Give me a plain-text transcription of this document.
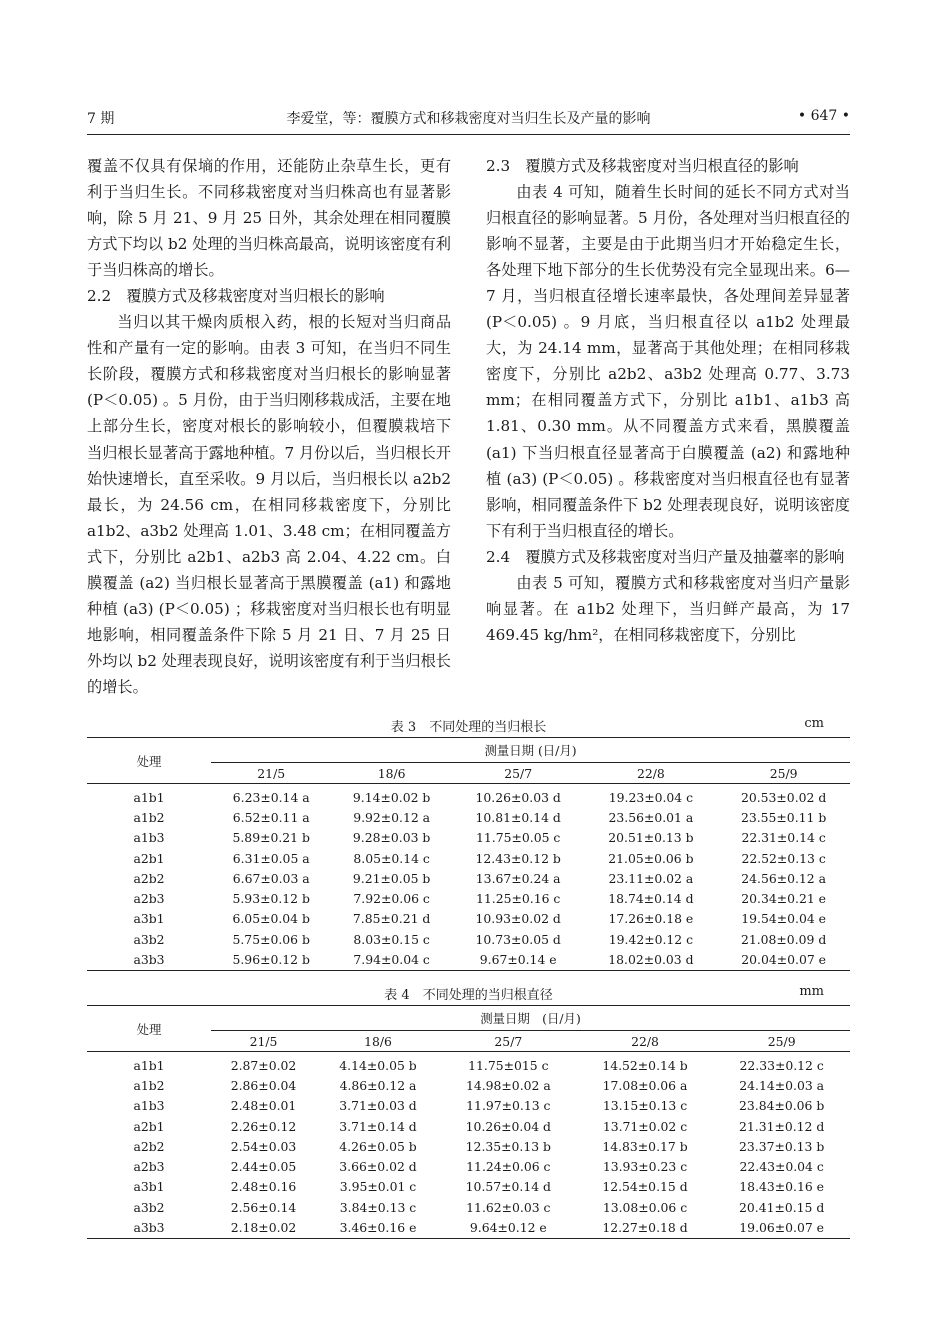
7 期	李爱堂，等：覆膜方式和移栽密度对当归生长及产量的影响	• 647 •

覆盖不仅具有保墒的作用，还能防止杂草生长，更有利于当归生长。不同移栽密度对当归株高也有显著影响，除 5 月 21、9 月 25 日外，其余处理在相同覆膜方式下均以 b2 处理的当归株高最高，说明该密度有利于当归株高的增长。

2.2　覆膜方式及移栽密度对当归根长的影响

当归以其干燥肉质根入药，根的长短对当归商品性和产量有一定的影响。由表 3 可知，在当归不同生长阶段，覆膜方式和移栽密度对当归根长的影响显著 (P＜0.05) 。5 月份，由于当归刚移栽成活，主要在地上部分生长，密度对根长的影响较小，但覆膜栽培下当归根长显著高于露地种植。7 月份以后，当归根长开始快速增长，直至采收。9 月以后，当归根长以 a2b2 最长，为 24.56 cm，在相同移栽密度下，分别比 a1b2、a3b2 处理高 1.01、3.48 cm；在相同覆盖方式下，分别比 a2b1、a2b3 高 2.04、4.22 cm。白膜覆盖 (a2) 当归根长显著高于黑膜覆盖 (a1) 和露地种植 (a3) (P＜0.05) ；移栽密度对当归根长也有明显地影响，相同覆盖条件下除 5 月 21 日、7 月 25 日外均以 b2 处理表现良好，说明该密度有利于当归根长的增长。

2.3　覆膜方式及移栽密度对当归根直径的影响

由表 4 可知，随着生长时间的延长不同方式对当归根直径的影响显著。5 月份，各处理对当归根直径的影响不显著，主要是由于此期当归才开始稳定生长，各处理下地下部分的生长优势没有完全显现出来。6—7 月，当归根直径增长速率最快，各处理间差异显著 (P＜0.05) 。9 月底，当归根直径以 a1b2 处理最大，为 24.14 mm，显著高于其他处理；在相同移栽密度下，分别比 a2b2、a3b2 处理高 0.77、3.73 mm；在相同覆盖方式下，分别比 a1b1、a1b3 高 1.81、0.30 mm。从不同覆盖方式来看，黑膜覆盖 (a1) 下当归根直径显著高于白膜覆盖 (a2) 和露地种植 (a3) (P＜0.05) 。移栽密度对当归根直径也有显著影响，相同覆盖条件下 b2 处理表现良好，说明该密度下有利于当归根直径的增长。

2.4　覆膜方式及移栽密度对当归产量及抽薹率的影响

由表 5 可知，覆膜方式和移栽密度对当归产量影响显著。在 a1b2 处理下，当归鲜产最高，为 17 469.45 kg/hm²，在相同移栽密度下，分别比

表 3　不同处理的当归根长	cm
处理	测量日期 (日/月)				
	21/5	18/6	25/7	22/8	25/9
a1b1	6.23±0.14 a	9.14±0.02 b	10.26±0.03 d	19.23±0.04 c	20.53±0.02 d
a1b2	6.52±0.11 a	9.92±0.12 a	10.81±0.14 d	23.56±0.01 a	23.55±0.11 b
a1b3	5.89±0.21 b	9.28±0.03 b	11.75±0.05 c	20.51±0.13 b	22.31±0.14 c
a2b1	6.31±0.05 a	8.05±0.14 c	12.43±0.12 b	21.05±0.06 b	22.52±0.13 c
a2b2	6.67±0.03 a	9.21±0.05 b	13.67±0.24 a	23.11±0.02 a	24.56±0.12 a
a2b3	5.93±0.12 b	7.92±0.06 c	11.25±0.16 c	18.74±0.14 d	20.34±0.21 e
a3b1	6.05±0.04 b	7.85±0.21 d	10.93±0.02 d	17.26±0.18 e	19.54±0.04 e
a3b2	5.75±0.06 b	8.03±0.15 c	10.73±0.05 d	19.42±0.12 c	21.08±0.09 d
a3b3	5.96±0.12 b	7.94±0.04 c	9.67±0.14 e	18.02±0.03 d	20.04±0.07 e
表 4　不同处理的当归根直径	mm
处理	测量日期　(日/月)				
	21/5	18/6	25/7	22/8	25/9
a1b1	2.87±0.02	4.14±0.05 b	11.75±015 c	14.52±0.14 b	22.33±0.12 c
a1b2	2.86±0.04	4.86±0.12 a	14.98±0.02 a	17.08±0.06 a	24.14±0.03 a
a1b3	2.48±0.01	3.71±0.03 d	11.97±0.13 c	13.15±0.13 c	23.84±0.06 b
a2b1	2.26±0.12	3.71±0.14 d	10.26±0.04 d	13.71±0.02 c	21.31±0.12 d
a2b2	2.54±0.03	4.26±0.05 b	12.35±0.13 b	14.83±0.17 b	23.37±0.13 b
a2b3	2.44±0.05	3.66±0.02 d	11.24±0.06 c	13.93±0.23 c	22.43±0.04 c
a3b1	2.48±0.16	3.95±0.01 c	10.57±0.14 d	12.54±0.15 d	18.43±0.16 e
a3b2	2.56±0.14	3.84±0.13 c	11.62±0.03 c	13.08±0.06 c	20.41±0.15 d
a3b3	2.18±0.02	3.46±0.16 e	9.64±0.12 e	12.27±0.18 d	19.06±0.07 e
